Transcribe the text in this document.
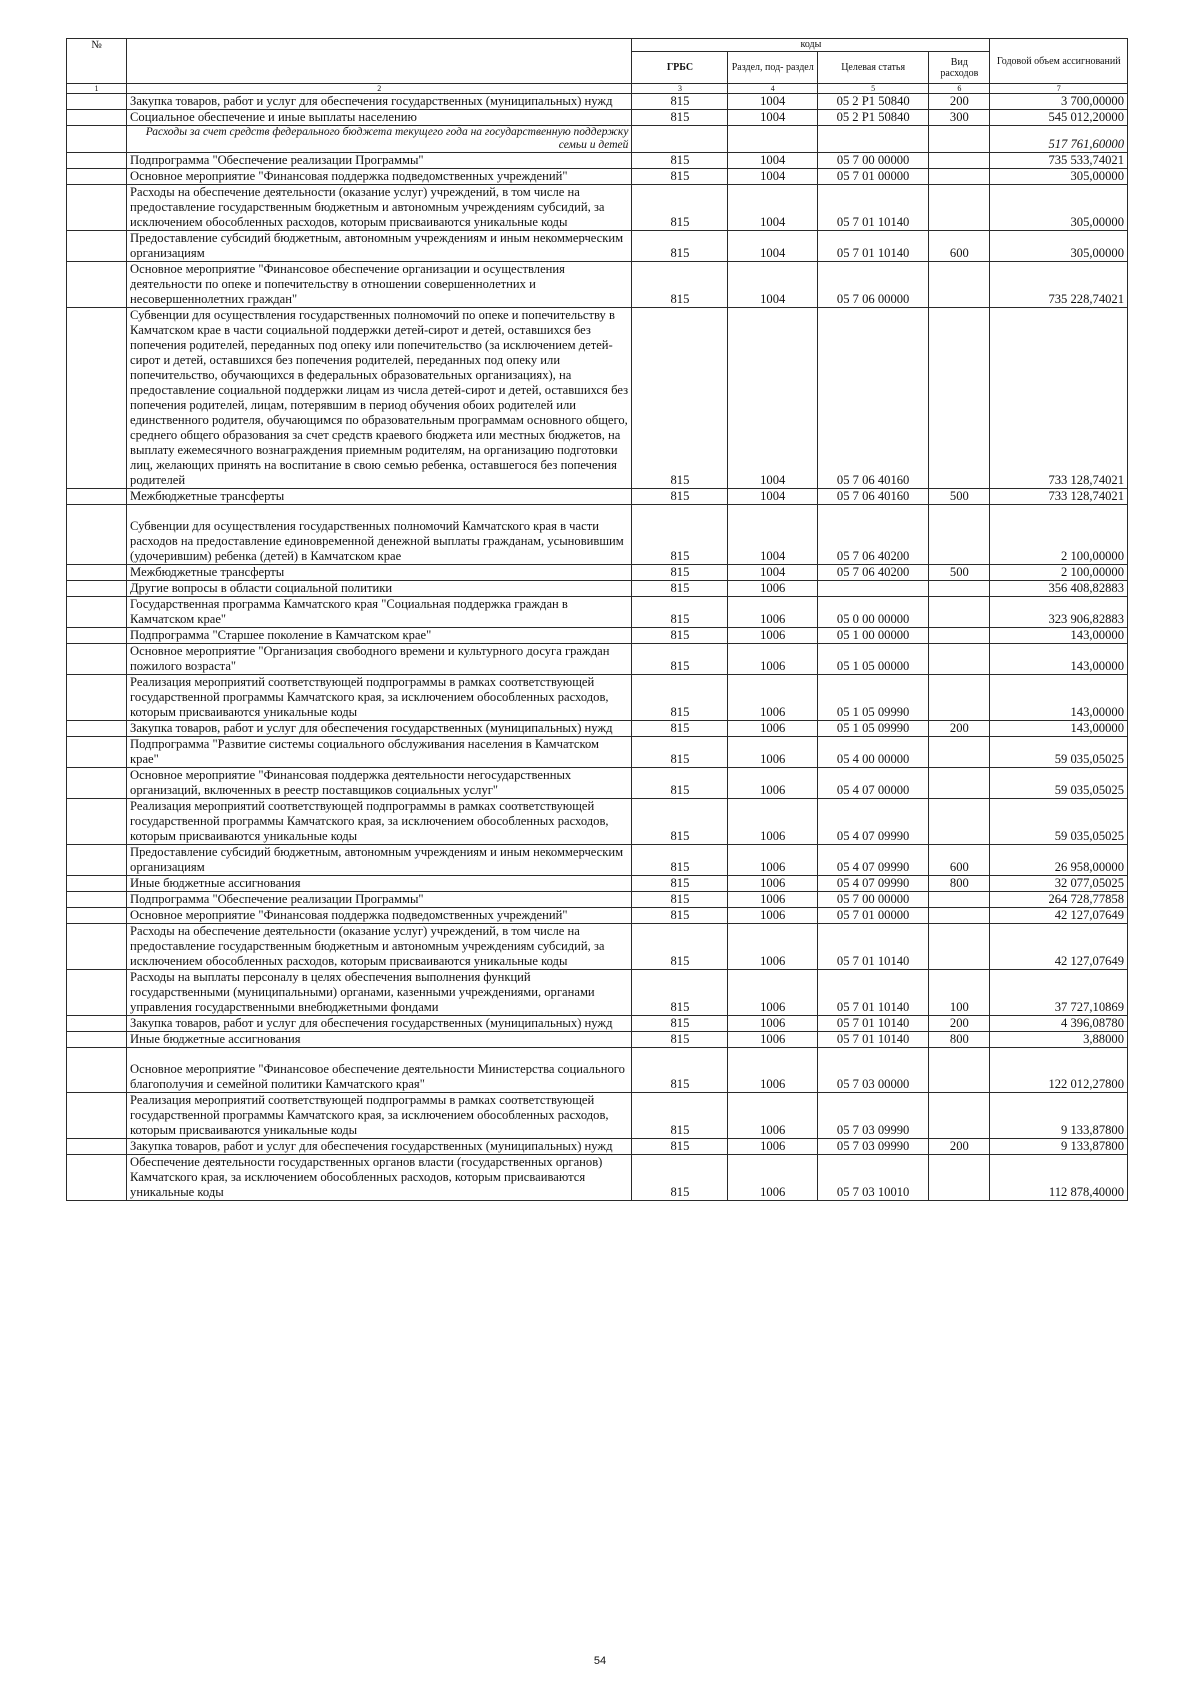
№		коды				Годовой объем ассигнований
		ГРБС	Раздел, под- раздел	Целевая статья	Вид расходов	
1	2	3	4	5	6	7
	Закупка товаров, работ и услуг для обеспечения государственных (муниципальных) нужд	815	1004	05 2 P1 50840	200	3 700,00000
	Социальное обеспечение и иные выплаты населению	815	1004	05 2 P1 50840	300	545 012,20000
	Расходы за счет средств федерального бюджета текущего года на государственную поддержку семьи и детей					517 761,60000
	Подпрограмма "Обеспечение реализации Программы"	815	1004	05 7 00 00000		735 533,74021
	Основное мероприятие "Финансовая поддержка подведомственных учреждений"	815	1004	05 7 01 00000		305,00000
	Расходы на обеспечение деятельности (оказание услуг) учреждений, в том числе на предоставление государственным бюджетным и автономным учреждениям субсидий, за исключением обособленных расходов, которым присваиваются уникальные коды	815	1004	05 7 01 10140		305,00000
	Предоставление субсидий бюджетным, автономным учреждениям и иным некоммерческим организациям	815	1004	05 7 01 10140	600	305,00000
	Основное мероприятие "Финансовое обеспечение организации и осуществления деятельности по опеке и попечительству в отношении совершеннолетних и несовершеннолетних граждан"	815	1004	05 7 06 00000		735 228,74021
	Субвенции для осуществления государственных полномочий по опеке и попечительству в Камчатском крае в части социальной поддержки детей-сирот и детей, оставшихся без попечения родителей, переданных под опеку или попечительство (за исключением детей-сирот и детей, оставшихся без попечения родителей, переданных под опеку или попечительство, обучающихся в федеральных образовательных организациях), на предоставление социальной поддержки лицам из числа детей-сирот и детей, оставшихся без попечения родителей, лицам, потерявшим в период обучения обоих родителей или единственного родителя, обучающимся по образовательным программам основного общего, среднего общего образования за счет средств краевого бюджета или местных бюджетов, на выплату ежемесячного вознаграждения приемным родителям, на организацию подготовки лиц, желающих принять на воспитание в свою семью ребенка, оставшегося без попечения родителей	815	1004	05 7 06 40160		733 128,74021
	Межбюджетные трансферты	815	1004	05 7 06 40160	500	733 128,74021
	Субвенции для осуществления государственных полномочий Камчатского края в части расходов на предоставление единовременной денежной выплаты гражданам, усыновившим (удочерившим) ребенка (детей) в Камчатском крае	815	1004	05 7 06 40200		2 100,00000
	Межбюджетные трансферты	815	1004	05 7 06 40200	500	2 100,00000
	Другие вопросы в области социальной политики	815	1006			356 408,82883
	Государственная программа Камчатского края "Социальная поддержка граждан в Камчатском крае"	815	1006	05 0 00 00000		323 906,82883
	Подпрограмма "Старшее поколение в Камчатском крае"	815	1006	05 1 00 00000		143,00000
	Основное мероприятие "Организация свободного времени и культурного досуга граждан пожилого возраста"	815	1006	05 1 05 00000		143,00000
	Реализация мероприятий соответствующей подпрограммы в рамках соответствующей государственной программы Камчатского края, за исключением обособленных расходов, которым присваиваются уникальные коды	815	1006	05 1 05 09990		143,00000
	Закупка товаров, работ и услуг для обеспечения государственных (муниципальных) нужд	815	1006	05 1 05 09990	200	143,00000
	Подпрограмма "Развитие системы социального обслуживания населения в Камчатском крае"	815	1006	05 4 00 00000		59 035,05025
	Основное мероприятие "Финансовая поддержка деятельности негосударственных организаций, включенных в реестр поставщиков социальных услуг"	815	1006	05 4 07 00000		59 035,05025
	Реализация мероприятий соответствующей подпрограммы в рамках соответствующей государственной программы Камчатского края, за исключением обособленных расходов, которым присваиваются уникальные коды	815	1006	05 4 07 09990		59 035,05025
	Предоставление субсидий бюджетным, автономным учреждениям и иным некоммерческим организациям	815	1006	05 4 07 09990	600	26 958,00000
	Иные бюджетные ассигнования	815	1006	05 4 07 09990	800	32 077,05025
	Подпрограмма "Обеспечение реализации Программы"	815	1006	05 7 00 00000		264 728,77858
	Основное мероприятие "Финансовая поддержка подведомственных учреждений"	815	1006	05 7 01 00000		42 127,07649
	Расходы на обеспечение деятельности (оказание услуг) учреждений, в том числе на предоставление государственным бюджетным и автономным учреждениям субсидий, за исключением обособленных расходов, которым присваиваются уникальные коды	815	1006	05 7 01 10140		42 127,07649
	Расходы на выплаты персоналу в целях обеспечения выполнения функций государственными (муниципальными) органами, казенными учреждениями, органами управления государственными внебюджетными фондами	815	1006	05 7 01 10140	100	37 727,10869
	Закупка товаров, работ и услуг для обеспечения государственных (муниципальных) нужд	815	1006	05 7 01 10140	200	4 396,08780
	Иные бюджетные ассигнования	815	1006	05 7 01 10140	800	3,88000
	Основное мероприятие "Финансовое обеспечение деятельности Министерства социального благополучия и семейной политики Камчатского края"	815	1006	05 7 03 00000		122 012,27800
	Реализация мероприятий соответствующей подпрограммы в рамках соответствующей государственной программы Камчатского края, за исключением обособленных расходов, которым присваиваются уникальные коды	815	1006	05 7 03 09990		9 133,87800
	Закупка товаров, работ и услуг для обеспечения государственных (муниципальных) нужд	815	1006	05 7 03 09990	200	9 133,87800
	Обеспечение деятельности государственных органов власти (государственных органов) Камчатского края, за исключением обособленных расходов, которым присваиваются уникальные коды	815	1006	05 7 03 10010		112 878,40000
54
